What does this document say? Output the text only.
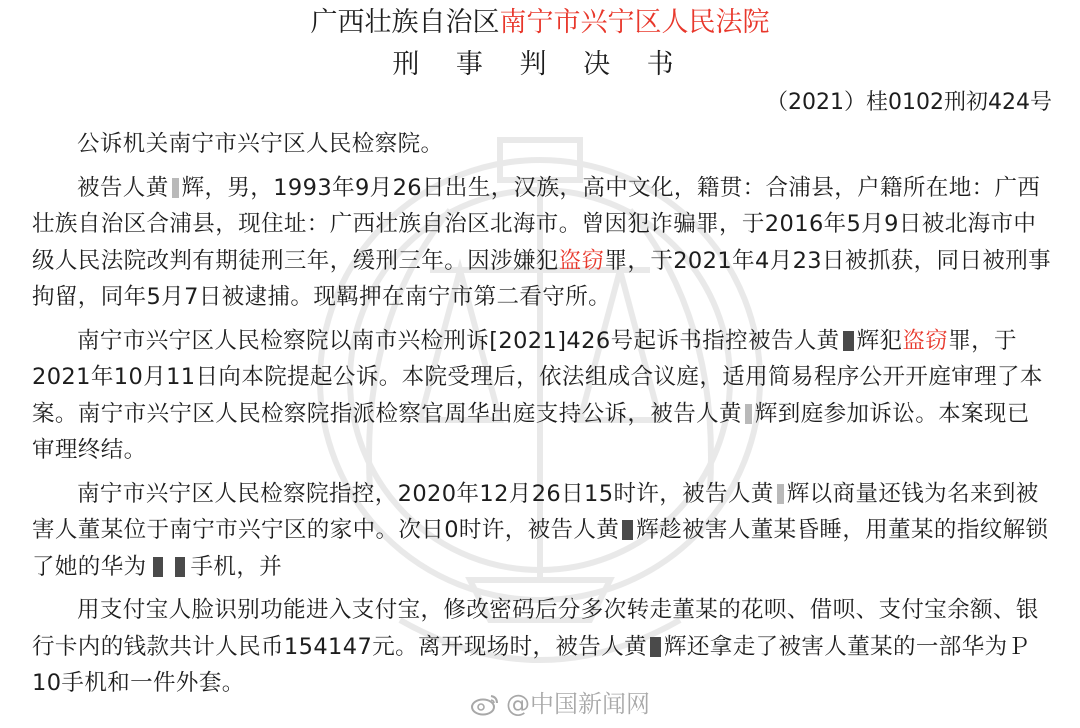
广西壮族自治区南宁市兴宁区人民法院
刑 事 判 决 书
（2021）桂0102刑初424号

公诉机关南宁市兴宁区人民检察院。

被告人黄 辉，男，1993年9月26日出生，汉族，高中文化，籍贯：合浦县，户籍所在地：广西壮族自治区合浦县，现住址：广西壮族自治区北海市。曾因犯诈骗罪，于2016年5月9日被北海市中级人民法院改判有期徒刑三年，缓刑三年。因涉嫌犯盗窃罪，于2021年4月23日被抓获，同日被刑事拘留，同年5月7日被逮捕。现羁押在南宁市第二看守所。

南宁市兴宁区人民检察院以南市兴检刑诉[2021]426号起诉书指控被告人黄 辉犯盗窃罪，于2021年10月11日向本院提起公诉。本院受理后，依法组成合议庭，适用简易程序公开开庭审理了本案。南宁市兴宁区人民检察院指派检察官周华出庭支持公诉，被告人黄 辉到庭参加诉讼。本案现已审理终结。

南宁市兴宁区人民检察院指控，2020年12月26日15时许，被告人黄 辉以商量还钱为名来到被害人董某位于南宁市兴宁区的家中。次日0时许，被告人黄 辉趁被害人董某昏睡，用董某的指纹解锁了她的华为 手机，并

用支付宝人脸识别功能进入支付宝，修改密码后分多次转走董某的花呗、借呗、支付宝余额、银行卡内的钱款共计人民币154147元。离开现场时，被告人黄 辉还拿走了被害人董某的一部华为Ｐ10手机和一件外套。

@中国新闻网
